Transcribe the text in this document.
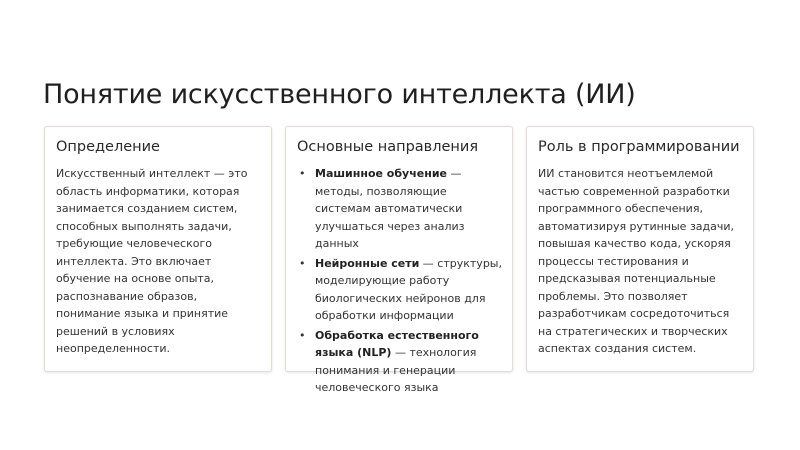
Понятие искусственного интеллекта (ИИ)
Определение

Искусственный интеллект — это область информатики, которая занимается созданием систем, способных выполнять задачи, требующие человеческого интеллекта. Это включает обучение на основе опыта, распознавание образов, понимание языка и принятие решений в условиях неопределенности.

Основные направления
• Машинное обучение — методы, позволяющие системам автоматически улучшаться через анализ данных
• Нейронные сети — структуры, моделирующие работу биологических нейронов для обработки информации
• Обработка естественного языка (NLP) — технология понимания и генерации человеческого языка
Роль в программировании

ИИ становится неотъемлемой частью современной разработки программного обеспечения, автоматизируя рутинные задачи, повышая качество кода, ускоряя процессы тестирования и предсказывая потенциальные проблемы. Это позволяет разработчикам сосредоточиться на стратегических и творческих аспектах создания систем.
